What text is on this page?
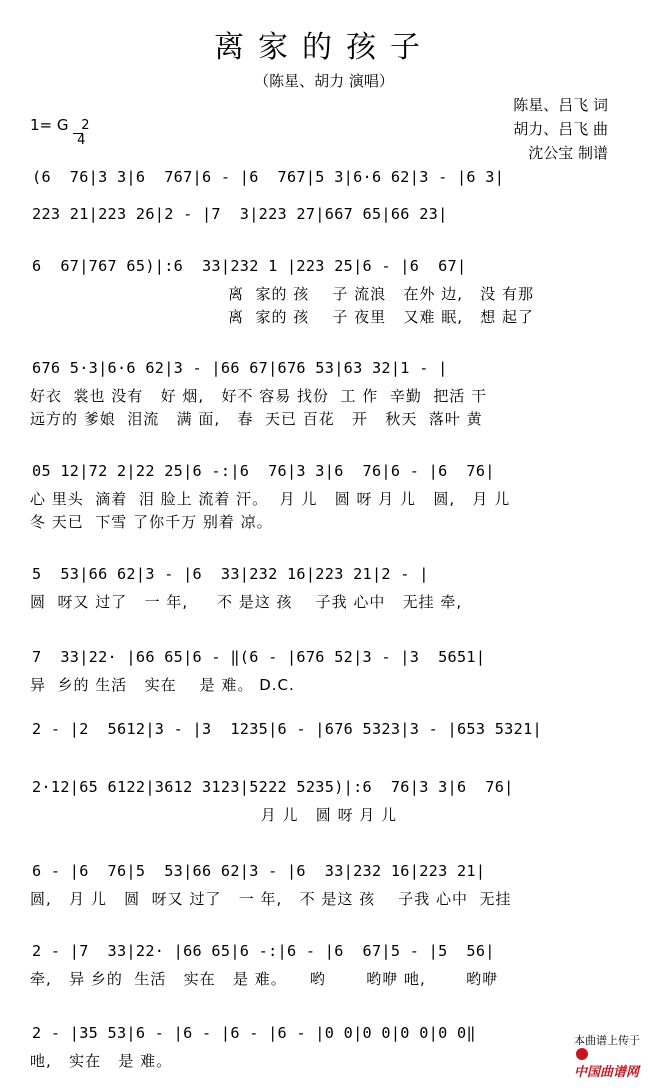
离家的孩子
（陈星、胡力 演唱）
陈星、吕飞 词
胡力、吕飞 曲
沈公宝 制谱
1= G 2
4

(6  76|3 3|6  767|6 - |6  767|5 3|6·6 62|3 - |6 3|
223 21|223 26|2 - |7  3|223 27|667 65|66 23|
6  67|767 65)|:6  33|232 1 |223 25|6 - |6  67|
离  家的 孩    子 流浪   在外 边,   没 有那
离  家的 孩    子 夜里   又难 眠,   想 起了
676 5·3|6·6 62|3 - |66 67|676 53|63 32|1 - |
好衣  裳也 没有   好 烟,   好不 容易 找份  工 作  辛勤  把活 干
远方的 爹娘  泪流   满 面,   春  天已 百花   开   秋天  落叶 黄
05 12|72 2|22 25|6 -:|6  76|3 3|6  76|6 - |6  76|
心 里头  滴着  泪 脸上 流着 汗。  月 儿   圆 呀 月 儿   圆,   月 儿
冬 天已  下雪 了你千万 别着 凉。
5  53|66 62|3 - |6  33|232 16|223 21|2 - |
圆  呀又 过了   一 年,     不 是这 孩    子我 心中   无挂 牵,
7  33|22· |66 65|6 - ‖(6 - |676 52|3 - |3  5651|
异  乡的 生活   实在    是 难。 D.C.
2 - |2  5612|3 - |3  1235|6 - |676 5323|3 - |653 5321|
2·12|65 6122|3612 3123|5222 5235)|:6  76|3 3|6  76|
月 儿   圆 呀 月 儿
6 - |6  76|5  53|66 62|3 - |6  33|232 16|223 21|
圆,   月 儿   圆  呀又 过了   一 年,   不 是这 孩    子我 心中  无挂
2 - |7  33|22· |66 65|6 -:|6 - |6  67|5 - |5  56|
牵,   异 乡的  生活   实在   是 难。    哟       哟咿 吔,       哟咿
2 - |35 53|6 - |6 - |6 - |6 - |0 0|0 0|0 0|0 0‖
吔,   实在   是 难。

本曲谱上传于

中国曲谱网
